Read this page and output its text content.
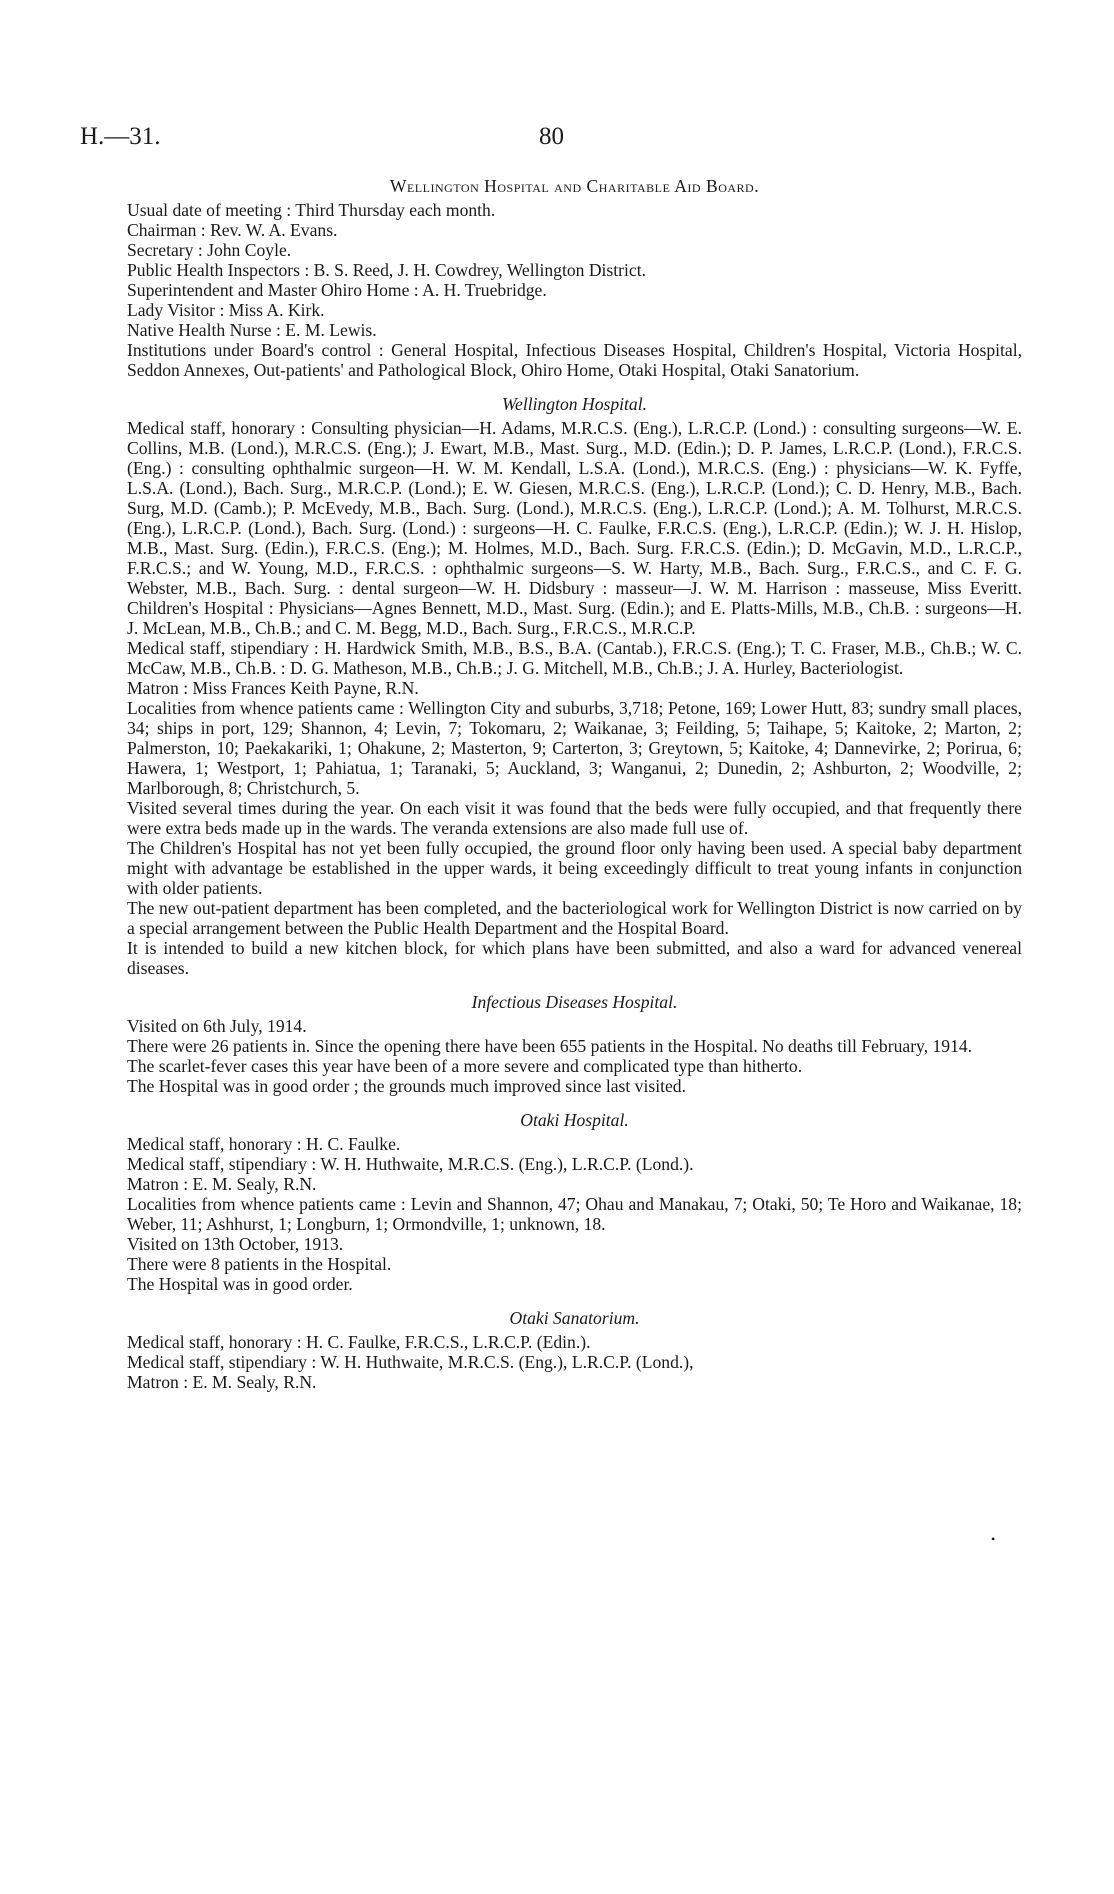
H.—31.	80
•

Wellington Hospital and Charitable Aid Board.

Usual date of meeting : Third Thursday each month.

Chairman : Rev. W. A. Evans.

Secretary : John Coyle.

Public Health Inspectors : B. S. Reed, J. H. Cowdrey, Wellington District.

Superintendent and Master Ohiro Home : A. H. Truebridge.

Lady Visitor : Miss A. Kirk.

Native Health Nurse : E. M. Lewis.

Institutions under Board's control : General Hospital, Infectious Diseases Hospital, Children's Hospital, Victoria Hospital, Seddon Annexes, Out-patients' and Pathological Block, Ohiro Home, Otaki Hospital, Otaki Sanatorium.

Wellington Hospital.

Medical staff, honorary : Consulting physician—H. Adams, M.R.C.S. (Eng.), L.R.C.P. (Lond.) : consulting surgeons—W. E. Collins, M.B. (Lond.), M.R.C.S. (Eng.); J. Ewart, M.B., Mast. Surg., M.D. (Edin.); D. P. James, L.R.C.P. (Lond.), F.R.C.S. (Eng.) : consulting ophthalmic surgeon—H. W. M. Kendall, L.S.A. (Lond.), M.R.C.S. (Eng.) : physicians—W. K. Fyffe, L.S.A. (Lond.), Bach. Surg., M.R.C.P. (Lond.); E. W. Giesen, M.R.C.S. (Eng.), L.R.C.P. (Lond.); C. D. Henry, M.B., Bach. Surg, M.D. (Camb.); P. McEvedy, M.B., Bach. Surg. (Lond.), M.R.C.S. (Eng.), L.R.C.P. (Lond.); A. M. Tolhurst, M.R.C.S. (Eng.), L.R.C.P. (Lond.), Bach. Surg. (Lond.) : surgeons—H. C. Faulke, F.R.C.S. (Eng.), L.R.C.P. (Edin.); W. J. H. Hislop, M.B., Mast. Surg. (Edin.), F.R.C.S. (Eng.); M. Holmes, M.D., Bach. Surg. F.R.C.S. (Edin.); D. McGavin, M.D., L.R.C.P., F.R.C.S.; and W. Young, M.D., F.R.C.S. : ophthalmic surgeons—S. W. Harty, M.B., Bach. Surg., F.R.C.S., and C. F. G. Webster, M.B., Bach. Surg. : dental surgeon—W. H. Didsbury : masseur—J. W. M. Harrison : masseuse, Miss Everitt. Children's Hospital : Physicians—Agnes Bennett, M.D., Mast. Surg. (Edin.); and E. Platts-Mills, M.B., Ch.B. : surgeons—H. J. McLean, M.B., Ch.B.; and C. M. Begg, M.D., Bach. Surg., F.R.C.S., M.R.C.P.

Medical staff, stipendiary : H. Hardwick Smith, M.B., B.S., B.A. (Cantab.), F.R.C.S. (Eng.); T. C. Fraser, M.B., Ch.B.; W. C. McCaw, M.B., Ch.B. : D. G. Matheson, M.B., Ch.B.; J. G. Mitchell, M.B., Ch.B.; J. A. Hurley, Bacteriologist.

Matron : Miss Frances Keith Payne, R.N.

Localities from whence patients came : Wellington City and suburbs, 3,718; Petone, 169; Lower Hutt, 83; sundry small places, 34; ships in port, 129; Shannon, 4; Levin, 7; Tokomaru, 2; Waikanae, 3; Feilding, 5; Taihape, 5; Kaitoke, 2; Marton, 2; Palmerston, 10; Paekakariki, 1; Ohakune, 2; Masterton, 9; Carterton, 3; Greytown, 5; Kaitoke, 4; Dannevirke, 2; Porirua, 6; Hawera, 1; Westport, 1; Pahiatua, 1; Taranaki, 5; Auckland, 3; Wanganui, 2; Dunedin, 2; Ashburton, 2; Woodville, 2; Marlborough, 8; Christchurch, 5.

Visited several times during the year. On each visit it was found that the beds were fully occupied, and that frequently there were extra beds made up in the wards. The veranda extensions are also made full use of.

The Children's Hospital has not yet been fully occupied, the ground floor only having been used. A special baby department might with advantage be established in the upper wards, it being exceedingly difficult to treat young infants in conjunction with older patients.

The new out-patient department has been completed, and the bacteriological work for Wellington District is now carried on by a special arrangement between the Public Health Department and the Hospital Board.

It is intended to build a new kitchen block, for which plans have been submitted, and also a ward for advanced venereal diseases.

Infectious Diseases Hospital.

Visited on 6th July, 1914.

There were 26 patients in. Since the opening there have been 655 patients in the Hospital. No deaths till February, 1914.

The scarlet-fever cases this year have been of a more severe and complicated type than hitherto.

The Hospital was in good order ; the grounds much improved since last visited.

Otaki Hospital.

Medical staff, honorary : H. C. Faulke.

Medical staff, stipendiary : W. H. Huthwaite, M.R.C.S. (Eng.), L.R.C.P. (Lond.).

Matron : E. M. Sealy, R.N.

Localities from whence patients came : Levin and Shannon, 47; Ohau and Manakau, 7; Otaki, 50; Te Horo and Waikanae, 18; Weber, 11; Ashhurst, 1; Longburn, 1; Ormondville, 1; unknown, 18.

Visited on 13th October, 1913.

There were 8 patients in the Hospital.

The Hospital was in good order.

Otaki Sanatorium.

Medical staff, honorary : H. C. Faulke, F.R.C.S., L.R.C.P. (Edin.).

Medical staff, stipendiary : W. H. Huthwaite, M.R.C.S. (Eng.), L.R.C.P. (Lond.),

Matron : E. M. Sealy, R.N.
